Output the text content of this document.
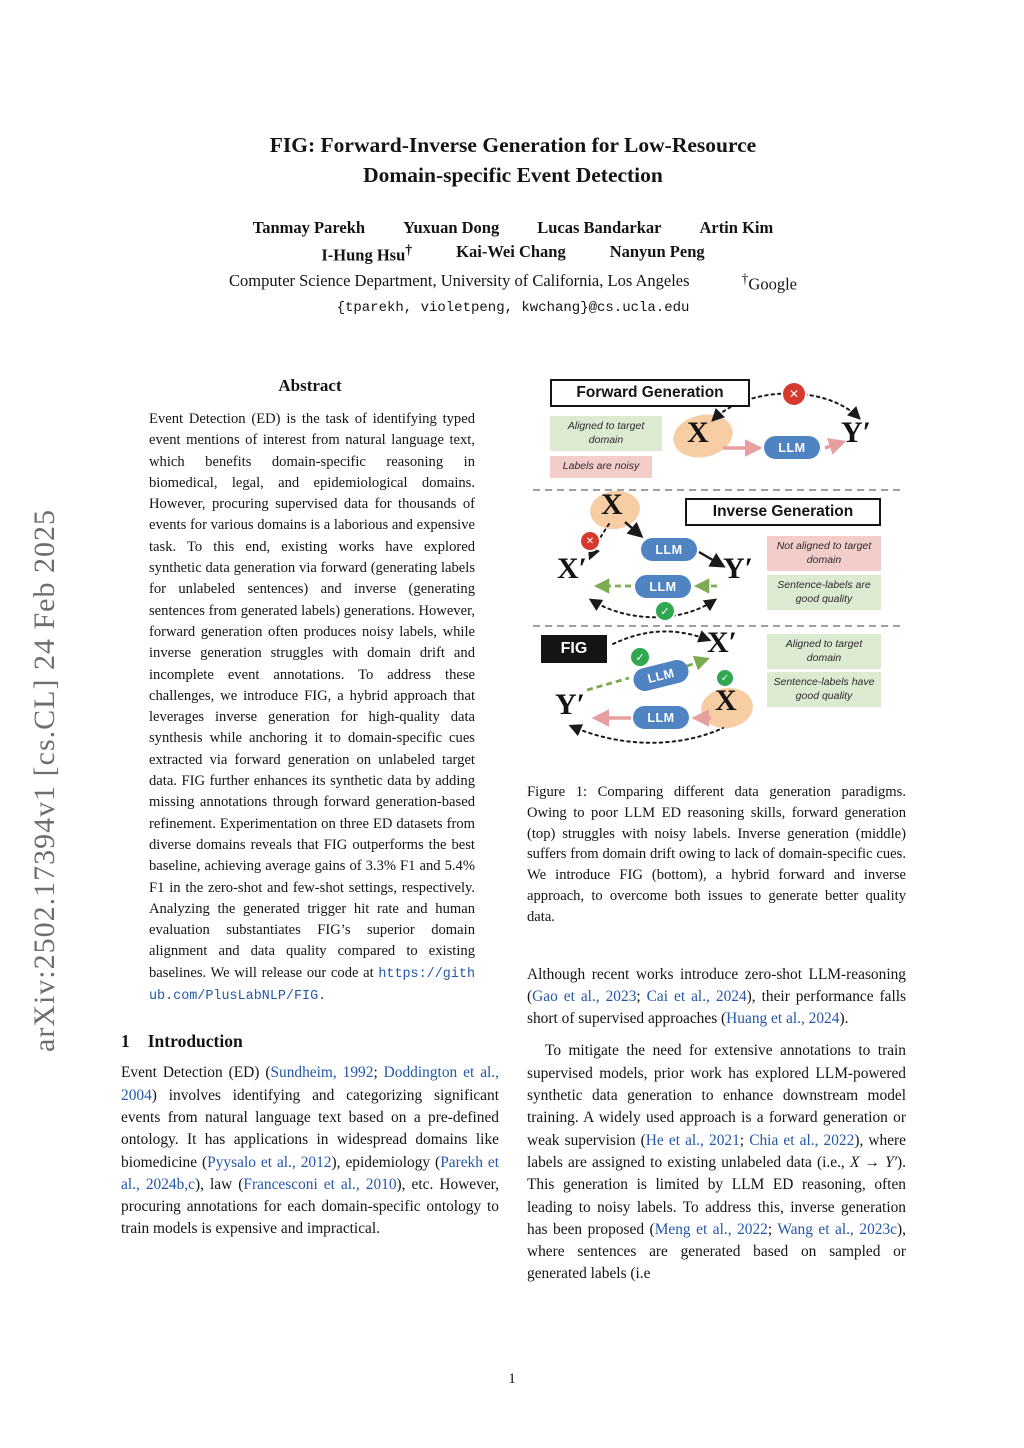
arXiv:2502.17394v1 [cs.CL] 24 Feb 2025
FIG: Forward-Inverse Generation for Low-Resource
Domain-specific Event Detection
Tanmay Parekh Yuxuan Dong Lucas Bandarkar Artin Kim
I-Hung Hsu†	Kai-Wei Chang	Nanyun Peng
Computer Science Department, University of California, Los Angeles	†Google
{tparekh, violetpeng, kwchang}@cs.ucla.edu
Abstract
Event Detection (ED) is the task of identifying typed event mentions of interest from natural language text, which benefits domain-specific reasoning in biomedical, legal, and epidemiological domains. However, procuring supervised data for thousands of events for various domains is a laborious and expensive task. To this end, existing works have explored synthetic data generation via forward (generating labels for unlabeled sentences) and inverse (generating sentences from generated labels) generations. However, forward generation often produces noisy labels, while inverse generation struggles with domain drift and incomplete event annotations. To address these challenges, we introduce FIG, a hybrid approach that leverages inverse generation for high-quality data synthesis while anchoring it to domain-specific cues extracted via forward generation on unlabeled target data. FIG further enhances its synthetic data by adding missing annotations through forward generation-based refinement. Experimentation on three ED datasets from diverse domains reveals that FIG outperforms the best baseline, achieving average gains of 3.3% F1 and 5.4% F1 in the zero-shot and few-shot settings, respectively. Analyzing the generated trigger hit rate and human evaluation substantiates FIG’s superior domain alignment and data quality compared to existing baselines. We will release our code at https://github.com/PlusLabNLP/FIG.
1 Introduction
Event Detection (ED) (Sundheim, 1992; Doddington et al., 2004) involves identifying and categorizing significant events from natural language text based on a pre-defined ontology. It has applications in widespread domains like biomedicine (Pyysalo et al., 2012), epidemiology (Parekh et al., 2024b,c), law (Francesconi et al., 2010), etc. However, procuring annotations for each domain-specific ontology to train models is expensive and impractical.
Forward Generation	✕
Aligned to target domain
Labels are noisy
X	LLM	Y′
X	Inverse Generation
LLM
✕
X′
LLM
Y′
Not aligned to target domain
Sentence-labels are good quality
✓
FIG	Aligned to target domain
Sentence-labels have good quality
✓ X′
✓
LLM
Y′	LLM
X
Figure 1: Comparing different data generation paradigms. Owing to poor LLM ED reasoning skills, forward generation (top) struggles with noisy labels. Inverse generation (middle) suffers from domain drift owing to lack of domain-specific cues. We introduce FIG (bottom), a hybrid forward and inverse approach, to overcome both issues to generate better quality data.
Although recent works introduce zero-shot LLM-reasoning (Gao et al., 2023; Cai et al., 2024), their performance falls short of supervised approaches (Huang et al., 2024).
To mitigate the need for extensive annotations to train supervised models, prior work has explored LLM-powered synthetic data generation to enhance downstream model training. A widely used approach is a forward generation or weak supervision (He et al., 2021; Chia et al., 2022), where labels are assigned to existing unlabeled data (i.e., X → Y′). This generation is limited by LLM ED reasoning, often leading to noisy labels. To address this, inverse generation has been proposed (Meng et al., 2022; Wang et al., 2023c), where sentences are generated based on sampled or generated labels (i.e
1
